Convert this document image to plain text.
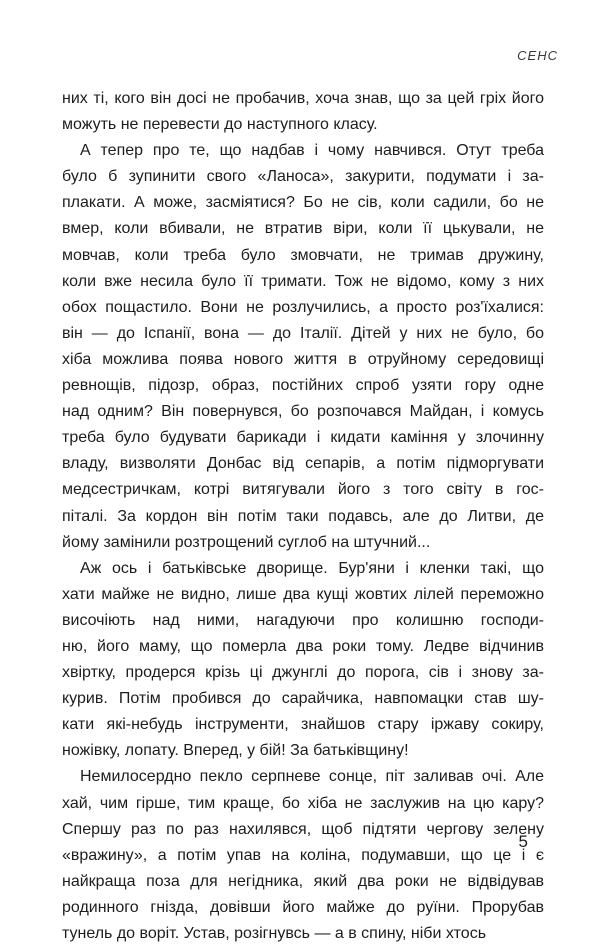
СЕНС

них ті, кого він досі не пробачив, хоча знав, що за цей гріх його
можуть не перевести до наступного класу.

А тепер про те, що надбав і чому навчився. Отут треба
було б зупинити свого «Ланоса», закурити, подумати і за-
плакати. А може, засміятися? Бо не сів, коли садили, бо не
вмер, коли вбивали, не втратив віри, коли її цькували, не
мовчав, коли треба було змовчати, не тримав дружину,
коли вже несила було її тримати. Тож не відомо, кому з них
обох пощастило. Вони не розлучились, а просто роз'їхалися:
він — до Іспанії, вона — до Італії. Дітей у них не було, бо
хіба можлива поява нового життя в отруйному середовищі
ревнощів, підозр, образ, постійних спроб узяти гору одне
над одним? Він повернувся, бо розпочався Майдан, і комусь
треба було будувати барикади і кидати каміння у злочинну
владу, визволяти Донбас від сепарів, а потім підморгувати
медсестричкам, котрі витягували його з того світу в гос-
піталі. За кордон він потім таки подавсь, але до Литви, де
йому замінили розтрощений суглоб на штучний...

Аж ось і батьківське дворище. Бур'яни і кленки такі, що
хати майже не видно, лише два кущі жовтих лілей переможно
височіють над ними, нагадуючи про колишню господи-
ню, його маму, що померла два роки тому. Ледве відчинив
хвіртку, продерся крізь ці джунглі до порога, сів і знову за-
курив. Потім пробився до сарайчика, навпомацки став шу-
кати які-небудь інструменти, знайшов стару іржаву сокиру,
ножівку, лопату. Вперед, у бій! За батьківщину!

Немилосердно пекло серпневе сонце, піт заливав очі. Але
хай, чим гірше, тим краще, бо хіба не заслужив на цю кару?
Спершу раз по раз нахилявся, щоб підтяти чергову зелену
«вражину», а потім упав на коліна, подумавши, що це і є
найкраща поза для негідника, який два роки не відвідував
родинного гнізда, довівши його майже до руїни. Прорубав
тунель до воріт. Устав, розігнувсь — а в спину, ніби хтось

5
